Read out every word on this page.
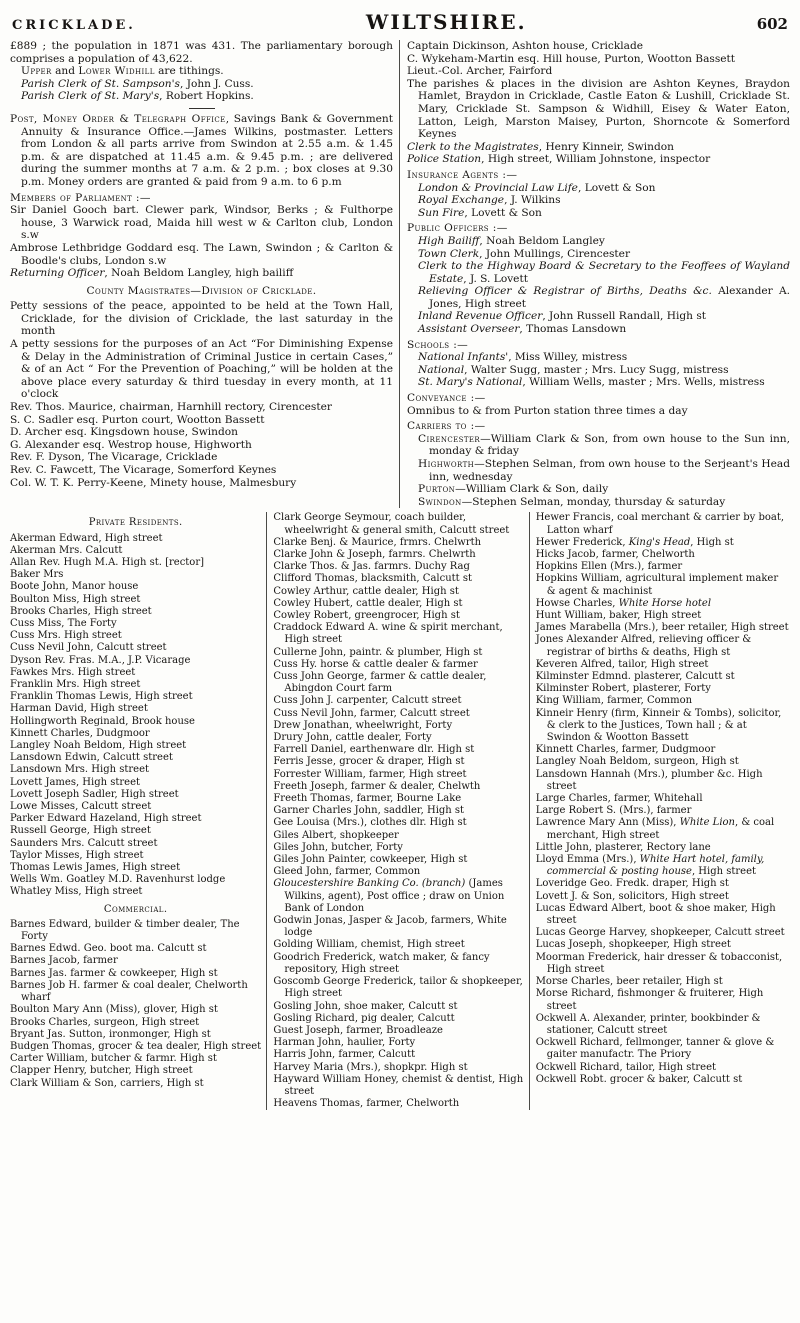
CRICKLADE.	WILTSHIRE.	602
£889 ; the population in 1871 was 431. The parliamentary borough comprises a population of 43,622.
Upper and Lower Widhill are tithings.
Parish Clerk of St. Sampson's, John J. Cuss.
Parish Clerk of St. Mary's, Robert Hopkins.
Post, Money Order & Telegraph Office, Savings Bank & Government Annuity & Insurance Office.—James Wilkins, postmaster. Letters from London & all parts arrive from Swindon at 2.55 a.m. & 1.45 p.m. & are dispatched at 11.45 a.m. & 9.45 p.m. ; are delivered during the summer months at 7 a.m. & 2 p.m. ; box closes at 9.30 p.m. Money orders are granted & paid from 9 a.m. to 6 p.m
Members of Parliament :—
Sir Daniel Gooch bart. Clewer park, Windsor, Berks ; & Fulthorpe house, 3 Warwick road, Maida hill west w & Carlton club, London s.w
Ambrose Lethbridge Goddard esq. The Lawn, Swindon ; & Carlton & Boodle's clubs, London s.w
Returning Officer, Noah Beldom Langley, high bailiff
County Magistrates—Division of Cricklade.
Petty sessions of the peace, appointed to be held at the Town Hall, Cricklade, for the division of Cricklade, the last saturday in the month
A petty sessions for the purposes of an Act “For Diminishing Expense & Delay in the Administration of Criminal Justice in certain Cases,” & of an Act “ For the Prevention of Poaching,” will be holden at the above place every saturday & third tuesday in every month, at 11 o'clock
Rev. Thos. Maurice, chairman, Harnhill rectory, Cirencester
S. C. Sadler esq. Purton court, Wootton Bassett
D. Archer esq. Kingsdown house, Swindon
G. Alexander esq. Westrop house, Highworth
Rev. F. Dyson, The Vicarage, Cricklade
Rev. C. Fawcett, The Vicarage, Somerford Keynes
Col. W. T. K. Perry-Keene, Minety house, Malmesbury
Captain Dickinson, Ashton house, Cricklade
C. Wykeham-Martin esq. Hill house, Purton, Wootton Bassett
Lieut.-Col. Archer, Fairford
The parishes & places in the division are Ashton Keynes, Braydon Hamlet, Braydon in Cricklade, Castle Eaton & Lushill, Cricklade St. Mary, Cricklade St. Sampson & Widhill, Eisey & Water Eaton, Latton, Leigh, Marston Maisey, Purton, Shorncote & Somerford Keynes
Clerk to the Magistrates, Henry Kinneir, Swindon
Police Station, High street, William Johnstone, inspector
Insurance Agents :—
London & Provincial Law Life, Lovett & Son
Royal Exchange, J. Wilkins
Sun Fire, Lovett & Son
Public Officers :—
High Bailiff, Noah Beldom Langley
Town Clerk, John Mullings, Cirencester
Clerk to the Highway Board & Secretary to the Feoffees of Wayland Estate, J. S. Lovett
Relieving Officer & Registrar of Births, Deaths &c. Alexander A. Jones, High street
Inland Revenue Officer, John Russell Randall, High st
Assistant Overseer, Thomas Lansdown
Schools :—
National Infants', Miss Willey, mistress
National, Walter Sugg, master ; Mrs. Lucy Sugg, mistress
St. Mary's National, William Wells, master ; Mrs. Wells, mistress
Conveyance :—
Omnibus to & from Purton station three times a day
Carriers to :—
Cirencester—William Clark & Son, from own house to the Sun inn, monday & friday
Highworth—Stephen Selman, from own house to the Serjeant's Head inn, wednesday
Purton—William Clark & Son, daily
Swindon—Stephen Selman, monday, thursday & saturday
Private Residents.
Akerman Edward, High street
Akerman Mrs. Calcutt
Allan Rev. Hugh M.A. High st. [rector]
Baker Mrs
Boote John, Manor house
Boulton Miss, High street
Brooks Charles, High street
Cuss Miss, The Forty
Cuss Mrs. High street
Cuss Nevil John, Calcutt street
Dyson Rev. Fras. M.A., J.P. Vicarage
Fawkes Mrs. High street
Franklin Mrs. High street
Franklin Thomas Lewis, High street
Harman David, High street
Hollingworth Reginald, Brook house
Kinnett Charles, Dudgmoor
Langley Noah Beldom, High street
Lansdown Edwin, Calcutt street
Lansdown Mrs. High street
Lovett James, High street
Lovett Joseph Sadler, High street
Lowe Misses, Calcutt street
Parker Edward Hazeland, High street
Russell George, High street
Saunders Mrs. Calcutt street
Taylor Misses, High street
Thomas Lewis James, High street
Wells Wm. Goatley M.D. Ravenhurst lodge
Whatley Miss, High street
Commercial.
Barnes Edward, builder & timber dealer, The Forty
Barnes Edwd. Geo. boot ma. Calcutt st
Barnes Jacob, farmer
Barnes Jas. farmer & cowkeeper, High st
Barnes Job H. farmer & coal dealer, Chelworth wharf
Boulton Mary Ann (Miss), glover, High st
Brooks Charles, surgeon, High street
Bryant Jas. Sutton, ironmonger, High st
Budgen Thomas, grocer & tea dealer, High street
Carter William, butcher & farmr. High st
Clapper Henry, butcher, High street
Clark William & Son, carriers, High st
Clark George Seymour, coach builder, wheelwright & general smith, Calcutt street
Clarke Benj. & Maurice, frmrs. Chelwrth
Clarke John & Joseph, farmrs. Chelwrth
Clarke Thos. & Jas. farmrs. Duchy Rag
Clifford Thomas, blacksmith, Calcutt st
Cowley Arthur, cattle dealer, High st
Cowley Hubert, cattle dealer, High st
Cowley Robert, greengrocer, High st
Craddock Edward A. wine & spirit merchant, High street
Cullerne John, paintr. & plumber, High st
Cuss Hy. horse & cattle dealer & farmer
Cuss John George, farmer & cattle dealer, Abingdon Court farm
Cuss John J. carpenter, Calcutt street
Cuss Nevil John, farmer, Calcutt street
Drew Jonathan, wheelwright, Forty
Drury John, cattle dealer, Forty
Farrell Daniel, earthenware dlr. High st
Ferris Jesse, grocer & draper, High st
Forrester William, farmer, High street
Freeth Joseph, farmer & dealer, Chelwth
Freeth Thomas, farmer, Bourne Lake
Garner Charles John, saddler, High st
Gee Louisa (Mrs.), clothes dlr. High st
Giles Albert, shopkeeper
Giles John, butcher, Forty
Giles John Painter, cowkeeper, High st
Gleed John, farmer, Common
Gloucestershire Banking Co. (branch) (James Wilkins, agent), Post office ; draw on Union Bank of London
Godwin Jonas, Jasper & Jacob, farmers, White lodge
Golding William, chemist, High street
Goodrich Frederick, watch maker, & fancy repository, High street
Goscomb George Frederick, tailor & shopkeeper, High street
Gosling John, shoe maker, Calcutt st
Gosling Richard, pig dealer, Calcutt
Guest Joseph, farmer, Broadleaze
Harman John, haulier, Forty
Harris John, farmer, Calcutt
Harvey Maria (Mrs.), shopkpr. High st
Hayward William Honey, chemist & dentist, High street
Heavens Thomas, farmer, Chelworth
Hewer Francis, coal merchant & carrier by boat, Latton wharf
Hewer Frederick, King's Head, High st
Hicks Jacob, farmer, Chelworth
Hopkins Ellen (Mrs.), farmer
Hopkins William, agricultural implement maker & agent & machinist
Howse Charles, White Horse hotel
Hunt William, baker, High street
James Marabella (Mrs.), beer retailer, High street
Jones Alexander Alfred, relieving officer & registrar of births & deaths, High st
Keveren Alfred, tailor, High street
Kilminster Edmnd. plasterer, Calcutt st
Kilminster Robert, plasterer, Forty
King William, farmer, Common
Kinneir Henry (firm, Kinneir & Tombs), solicitor, & clerk to the Justices, Town hall ; & at Swindon & Wootton Bassett
Kinnett Charles, farmer, Dudgmoor
Langley Noah Beldom, surgeon, High st
Lansdown Hannah (Mrs.), plumber &c. High street
Large Charles, farmer, Whitehall
Large Robert S. (Mrs.), farmer
Lawrence Mary Ann (Miss), White Lion, & coal merchant, High street
Little John, plasterer, Rectory lane
Lloyd Emma (Mrs.), White Hart hotel, family, commercial & posting house, High street
Loveridge Geo. Fredk. draper, High st
Lovett J. & Son, solicitors, High street
Lucas Edward Albert, boot & shoe maker, High street
Lucas George Harvey, shopkeeper, Calcutt street
Lucas Joseph, shopkeeper, High street
Moorman Frederick, hair dresser & tobacconist, High street
Morse Charles, beer retailer, High st
Morse Richard, fishmonger & fruiterer, High street
Ockwell A. Alexander, printer, bookbinder & stationer, Calcutt street
Ockwell Richard, fellmonger, tanner & glove & gaiter manufactr. The Priory
Ockwell Richard, tailor, High street
Ockwell Robt. grocer & baker, Calcutt st
